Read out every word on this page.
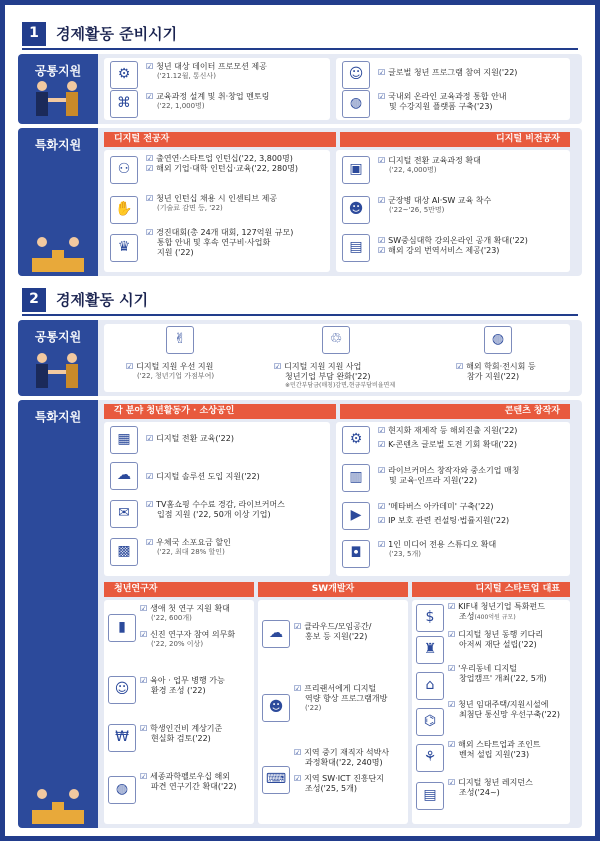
1	경제활동 준비시기
공통지원	⚙	☑ 청년 대상 데이터 프로모션 제공
('21.12월, 통신사)
⌘	☑ 교육과정 설계 및 취·창업 멘토링
('22, 1,000명)
☺	☑ 글로벌 청년 프로그램 참여 지원('22)
◍	☑ 국내외 온라인 교육과정 통합 안내
및 수강지원 플랫폼 구축('23)
특화지원	디지털 전공자	디지털 비전공자
⚇
☑ 출연연·스타트업 인턴십('22, 3,800명)
☑ 해외 기업·대학 인턴십·교육('22, 280명)
✋
☑ 청년 인턴십 채용 시 인센티브 제공
(기술료 감면 등, '22)
♛
☑ 경진대회(총 24개 대회, 127억원 규모)
통합 안내 및 후속 연구비·사업화
지원 ('22)
▣
☑ 디지털 전환 교육과정 확대
('22, 4,000명)
☻
☑ 군장병 대상 AI·SW 교육 착수
('22~'26, 5만명)
▤	☑ SW중심대학 강의온라인 공개 확대('22)
☑ 해외 강의 번역서비스 제공('23)
2	경제활동 시기
공통지원	✌
☑ 디지털 지원 우선 지원
('22, 청년기업 가점부여)
♲
☑ 디지털 지원 지원 사업
청년기업 부담 완화('22)
※민간부담금(매칭)감면,현금부담비율면제
◍
☑ 해외 학회·전시회 등
참가 지원('22)
특화지원	각 분야 청년활동가 · 소상공인	콘텐츠 창작자
▦	☑ 디지털 전환 교육('22)
☁	☑ 디지털 솔루션 도입 지원('22)
✉
☑ TV홈쇼핑 수수료 경감, 라이브커머스
입점 지원 ('22, 50개 이상 기업)
▩
☑ 우체국 소포요금 할인
('22, 최대 28% 할인)
⚙
☑ 현지화 재제작 등 해외진출 지원('22)
☑ K-콘텐츠 글로벌 도전 기회 확대('22)
▥	☑ 라이브커머스 창작자와 중소기업 매칭
및 교육·인프라 지원('22)
▶
☑ '메타버스 아카데미' 구축('22)
☑ IP 보호 관련 컨설팅·법률지원('22)
◘
☑ 1인 미디어 전용 스튜디오 확대
('23, 5개)
청년연구자	SW개발자	디지털 스타트업 대표
▮
☑ 생애 첫 연구 지원 확대
('22, 600개)
☑ 신진 연구자 참여 의무화
('22, 20% 이상)
☺
☑ 육아 · 업무 병행 가능
환경 조성 ('22)
₩
☑ 학생인건비 계상기준
현실화 검토('22)
◍
☑ 세종과학펠로우십 해외
파견 연구기간 확대('22)
☁	☑ 클라우드/모임공간/
홍보 등 지원('22)
☻
☑ 프리랜서에게 디지털
역량 향상 프로그램개방
('22)
⌨
☑ 지역 중기 재직자 석박사
과정확대('22, 240명)
☑ 지역 SW·ICT 진흥단지
조성('25, 5개)
$
☑ KIF내 청년기업 특화펀드
조성(400억원 규모)
♜
☑ 디지털 청년 동행 키다리
아저씨 재단 설립('22)
⌂
☑ '우리동네 디지털
창업캠프' 개최('22, 5개)
⌬
☑ 청년 임대주택/지원시설에
최첨단 통신망 우선구축('22)
⚘
☑ 해외 스타트업과 조인트
벤처 설립 지원('23)
▤
☑ 디지털 청년 레지던스
조성('24~)
